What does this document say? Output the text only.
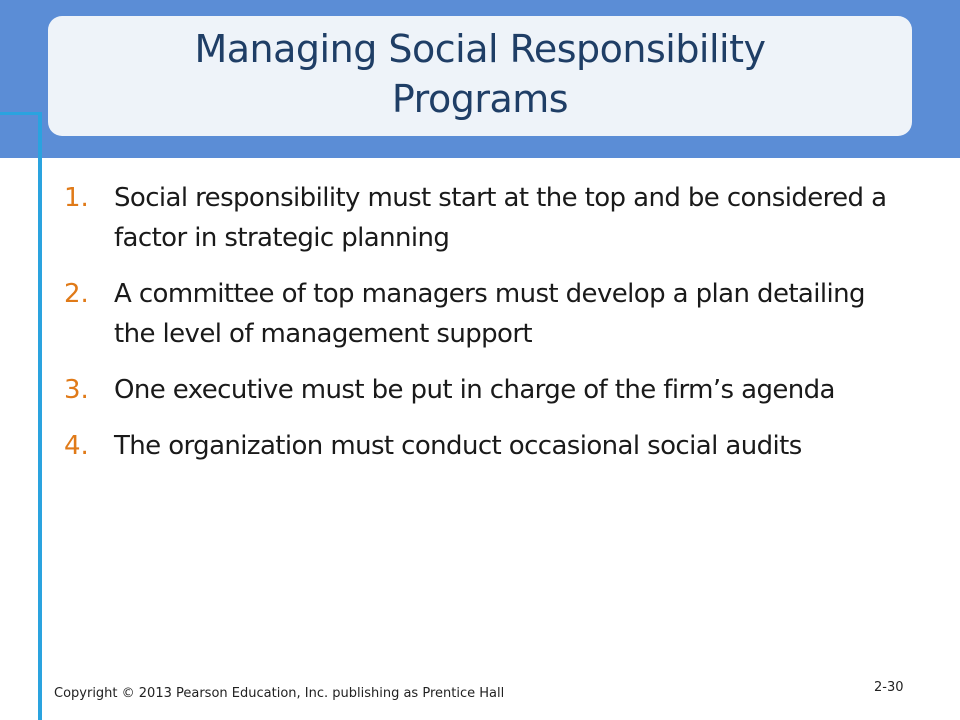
Managing Social Responsibility Programs
1. Social responsibility must start at the top and be considered a factor in strategic planning
2. A committee of top managers must develop a plan detailing the level of management support
3. One executive must be put in charge of the firm’s agenda
4. The organization must conduct occasional social audits
Copyright © 2013 Pearson Education, Inc. publishing as Prentice Hall	2-30
